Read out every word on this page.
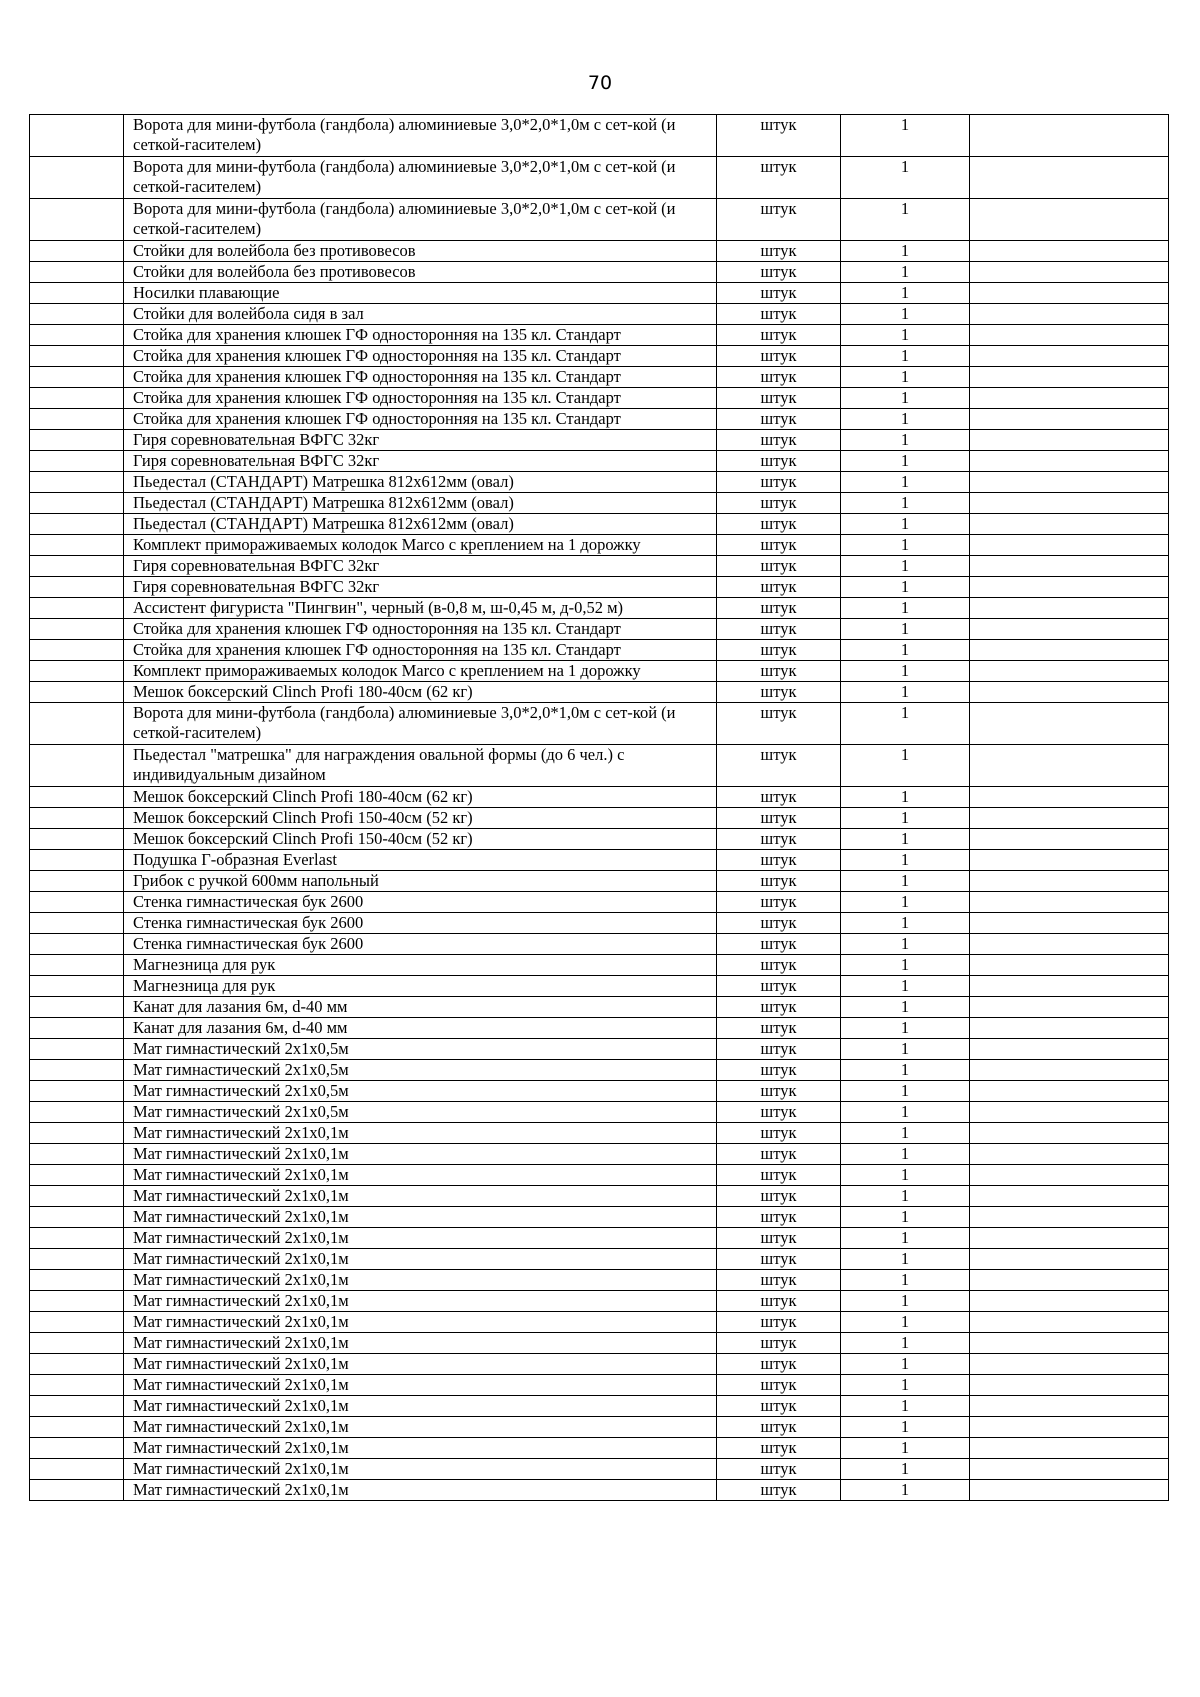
70
	Ворота для мини-футбола (гандбола) алюминиевые 3,0*2,0*1,0м с сет-кой (и сеткой-гасителем)	штук	1	
	Ворота для мини-футбола (гандбола) алюминиевые 3,0*2,0*1,0м с сет-кой (и сеткой-гасителем)	штук	1	
	Ворота для мини-футбола (гандбола) алюминиевые 3,0*2,0*1,0м с сет-кой (и сеткой-гасителем)	штук	1	
	Стойки для волейбола без противовесов	штук	1	
	Стойки для волейбола без противовесов	штук	1	
	Носилки плавающие	штук	1	
	Стойки для волейбола сидя в зал	штук	1	
	Стойка для хранения клюшек ГФ односторонняя на 135 кл. Стандарт	штук	1	
	Стойка для хранения клюшек ГФ односторонняя на 135 кл. Стандарт	штук	1	
	Стойка для хранения клюшек ГФ односторонняя на 135 кл. Стандарт	штук	1	
	Стойка для хранения клюшек ГФ односторонняя на 135 кл. Стандарт	штук	1	
	Стойка для хранения клюшек ГФ односторонняя на 135 кл. Стандарт	штук	1	
	Гиря соревновательная ВФГС 32кг	штук	1	
	Гиря соревновательная ВФГС 32кг	штук	1	
	Пьедестал (СТАНДАРТ) Матрешка 812х612мм (овал)	штук	1	
	Пьедестал (СТАНДАРТ) Матрешка 812х612мм (овал)	штук	1	
	Пьедестал (СТАНДАРТ) Матрешка 812х612мм (овал)	штук	1	
	Комплект примораживаемых колодок Marco с креплением на 1 дорожку	штук	1	
	Гиря соревновательная ВФГС 32кг	штук	1	
	Гиря соревновательная ВФГС 32кг	штук	1	
	Ассистент фигуриста "Пингвин", черный (в-0,8 м, ш-0,45 м, д-0,52 м)	штук	1	
	Стойка для хранения клюшек ГФ односторонняя на 135 кл. Стандарт	штук	1	
	Стойка для хранения клюшек ГФ односторонняя на 135 кл. Стандарт	штук	1	
	Комплект примораживаемых колодок Marco с креплением на 1 дорожку	штук	1	
	Мешок боксерский Clinch Profi 180-40см (62 кг)	штук	1	
	Ворота для мини-футбола (гандбола) алюминиевые 3,0*2,0*1,0м с сет-кой (и сеткой-гасителем)	штук	1	
	Пьедестал "матрешка" для награждения овальной формы (до 6 чел.) с индивидуальным дизайном	штук	1	
	Мешок боксерский Clinch Profi 180-40см (62 кг)	штук	1	
	Мешок боксерский Clinch Profi 150-40см (52 кг)	штук	1	
	Мешок боксерский Clinch Profi 150-40см (52 кг)	штук	1	
	Подушка Г-образная Everlast	штук	1	
	Грибок с ручкой 600мм напольный	штук	1	
	Стенка гимнастическая бук 2600	штук	1	
	Стенка гимнастическая бук 2600	штук	1	
	Стенка гимнастическая бук 2600	штук	1	
	Магнезница для рук	штук	1	
	Магнезница для рук	штук	1	
	Канат для лазания 6м, d-40 мм	штук	1	
	Канат для лазания 6м, d-40 мм	штук	1	
	Мат гимнастический 2х1х0,5м	штук	1	
	Мат гимнастический 2х1х0,5м	штук	1	
	Мат гимнастический 2х1х0,5м	штук	1	
	Мат гимнастический 2х1х0,5м	штук	1	
	Мат гимнастический 2х1х0,1м	штук	1	
	Мат гимнастический 2х1х0,1м	штук	1	
	Мат гимнастический 2х1х0,1м	штук	1	
	Мат гимнастический 2х1х0,1м	штук	1	
	Мат гимнастический 2х1х0,1м	штук	1	
	Мат гимнастический 2х1х0,1м	штук	1	
	Мат гимнастический 2х1х0,1м	штук	1	
	Мат гимнастический 2х1х0,1м	штук	1	
	Мат гимнастический 2х1х0,1м	штук	1	
	Мат гимнастический 2х1х0,1м	штук	1	
	Мат гимнастический 2х1х0,1м	штук	1	
	Мат гимнастический 2х1х0,1м	штук	1	
	Мат гимнастический 2х1х0,1м	штук	1	
	Мат гимнастический 2х1х0,1м	штук	1	
	Мат гимнастический 2х1х0,1м	штук	1	
	Мат гимнастический 2х1х0,1м	штук	1	
	Мат гимнастический 2х1х0,1м	штук	1	
	Мат гимнастический 2х1х0,1м	штук	1	
